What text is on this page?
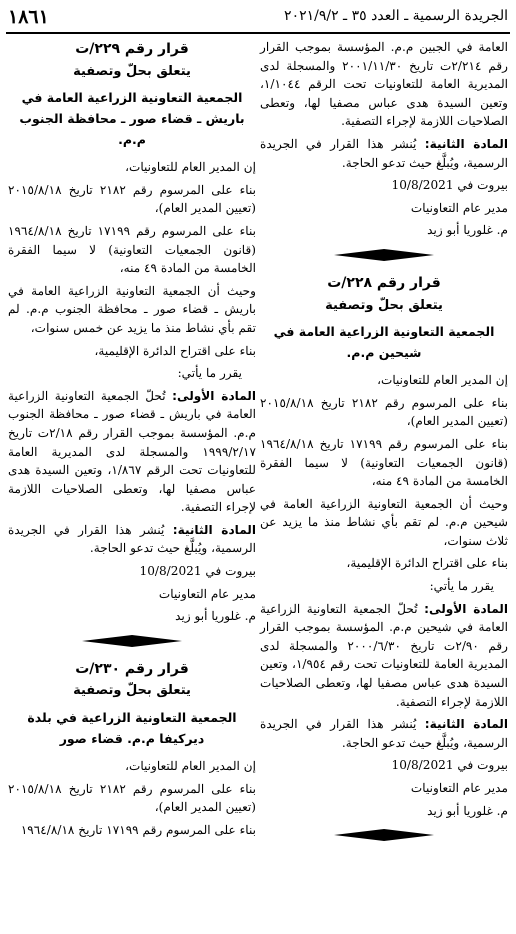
١٨٦١	الجريدة الرسمية ـ العدد ٣٥ ـ ٢٠٢١/٩/٢

العامة في الجبين م.م. المؤسسة بموجب القرار رقم ٢/٢١٤ت تاريخ ٢٠٠١/١١/٣٠ والمسجلة لدى المديرية العامة للتعاونيات تحت الرقم ١/١٠٤٤، وتعين السيدة هدى عباس مصفيا لها، وتعطى الصلاحيات اللازمة لإجراء التصفية.

المادة الثانية: يُنشر هذا القرار في الجريدة الرسمية، ويُبلَّغ حيث تدعو الحاجة.

بيروت في 10/8/2021

مدير عام التعاونيات

م. غلوريا أبو زيد

قرار رقم ٢٢٨/ت
يتعلق بحلّ وتصفية
الجمعية التعاونية الزراعية العامة في شيحين م.م.

إن المدير العام للتعاونيات،

بناء على المرسوم رقم ٢١٨٢ تاريخ ٢٠١٥/٨/١٨ (تعيين المدير العام)،

بناء على المرسوم رقم ١٧١٩٩ تاريخ ١٩٦٤/٨/١٨ (قانون الجمعيات التعاونية) لا سيما الفقرة الخامسة من المادة ٤٩ منه،

وحيث أن الجمعية التعاونية الزراعية العامة في شيحين م.م. لم تقم بأي نشاط منذ ما يزيد عن ثلاث سنوات،

بناء على اقتراح الدائرة الإقليمية،

يقرر ما يأتي:

المادة الأولى: تُحلّ الجمعية التعاونية الزراعية العامة في شيحين م.م. المؤسسة بموجب القرار رقم ٢/٩٠ت تاريخ ٢٠٠٠/٦/٣٠ والمسجلة لدى المديرية العامة للتعاونيات تحت رقم ١/٩٥٤، وتعين السيدة هدى عباس مصفيا لها، وتعطى الصلاحيات اللازمة لإجراء التصفية.

المادة الثانية: يُنشر هذا القرار في الجريدة الرسمية، ويُبلَّغ حيث تدعو الحاجة.

بيروت في 10/8/2021

مدير عام التعاونيات

م. غلوريا أبو زيد

قرار رقم ٢٢٩/ت
يتعلق بحلّ وتصفية
الجمعية التعاونية الزراعية العامة في باريش ـ قضاء صور ـ محافظة الجنوب م.م.

إن المدير العام للتعاونيات،

بناء على المرسوم رقم ٢١٨٢ تاريخ ٢٠١٥/٨/١٨ (تعيين المدير العام)،

بناء على المرسوم رقم ١٧١٩٩ تاريخ ١٩٦٤/٨/١٨ (قانون الجمعيات التعاونية) لا سيما الفقرة الخامسة من المادة ٤٩ منه،

وحيث أن الجمعية التعاونية الزراعية العامة في باريش ـ قضاء صور ـ محافظة الجنوب م.م. لم تقم بأي نشاط منذ ما يزيد عن خمس سنوات،

بناء على اقتراح الدائرة الإقليمية،

يقرر ما يأتي:

المادة الأولى: تُحلّ الجمعية التعاونية الزراعية العامة في باريش ـ قضاء صور ـ محافظة الجنوب م.م. المؤسسة بموجب القرار رقم ٢/١٨ت تاريخ ١٩٩٩/٢/١٧ والمسجلة لدى المديرية العامة للتعاونيات تحت الرقم ١/٨٦٧، وتعين السيدة هدى عباس مصفيا لها، وتعطى الصلاحيات اللازمة لإجراء التصفية.

المادة الثانية: يُنشر هذا القرار في الجريدة الرسمية، ويُبلَّغ حيث تدعو الحاجة.

بيروت في 10/8/2021

مدير عام التعاونيات

م. غلوريا أبو زيد

قرار رقم ٢٣٠/ت
يتعلق بحلّ وتصفية
الجمعية التعاونية الزراعية في بلدة ديركيفا م.م. قضاء صور

إن المدير العام للتعاونيات،

بناء على المرسوم رقم ٢١٨٢ تاريخ ٢٠١٥/٨/١٨ (تعيين المدير العام)،

بناء على المرسوم رقم ١٧١٩٩ تاريخ ١٩٦٤/٨/١٨
